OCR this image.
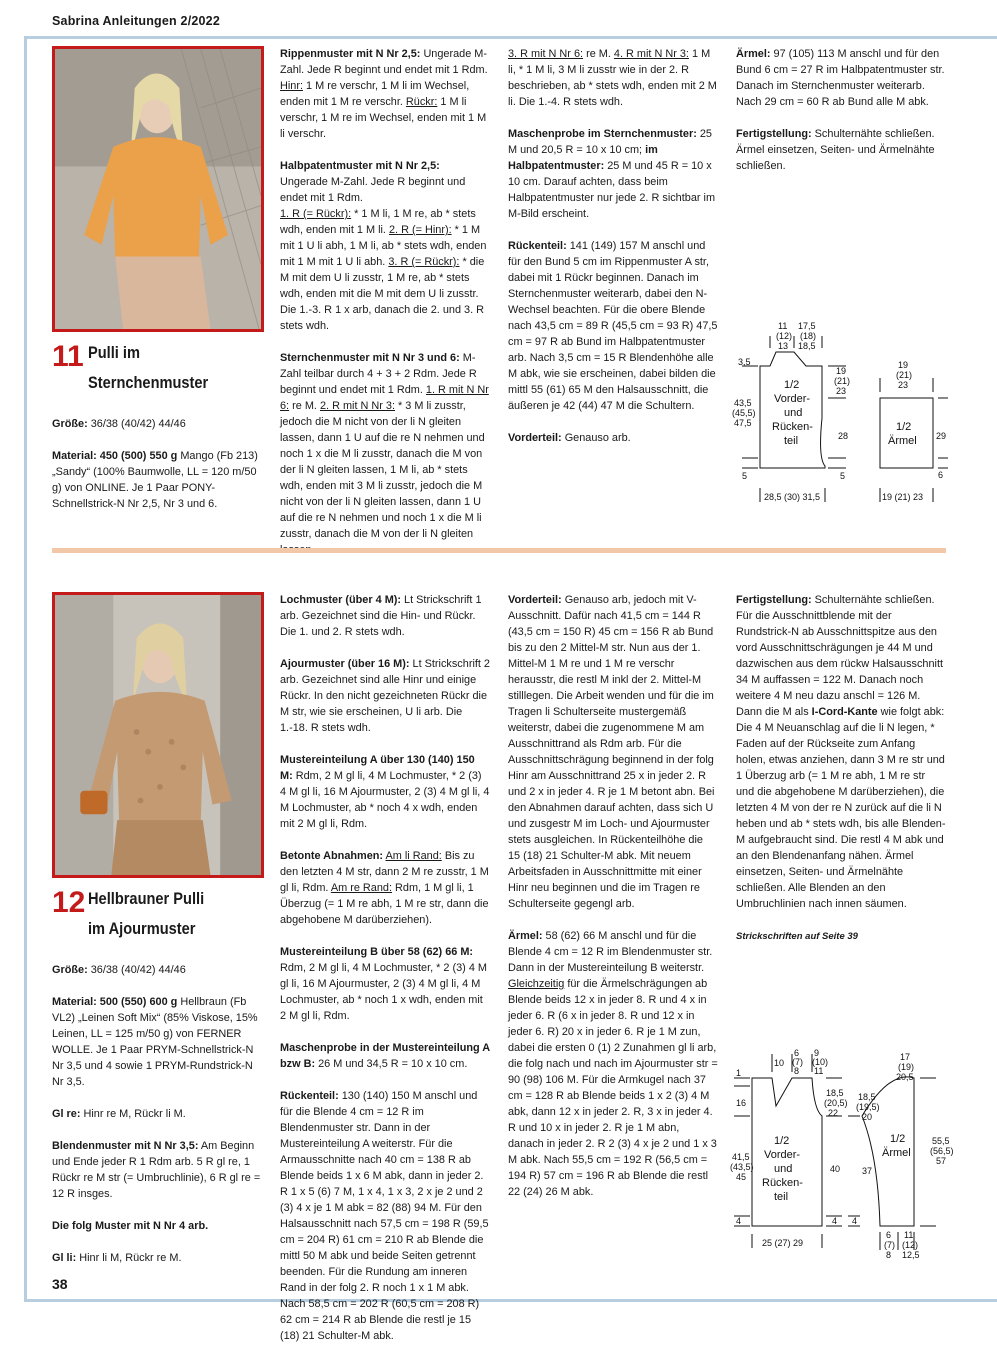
Sabrina Anleitungen 2/2022
11 Pulli im
Sternchenmuster

Größe: 36/38 (40/42) 44/46

Material: 450 (500) 550 g Mango (Fb 213) „Sandy“ (100% Baumwolle, LL = 120 m/50 g) von ONLINE. Je 1 Paar PONY-Schnellstrick-N Nr 2,5, Nr 3 und 6.

Rippenmuster mit N Nr 2,5: Ungerade M-Zahl. Jede R beginnt und endet mit 1 Rdm. Hinr: 1 M re verschr, 1 M li im Wechsel, enden mit 1 M re verschr. Rückr: 1 M li verschr, 1 M re im Wechsel, enden mit 1 M li verschr.

Halbpatentmuster mit N Nr 2,5: Ungerade M-Zahl. Jede R beginnt und endet mit 1 Rdm.
1. R (= Rückr): * 1 M li, 1 M re, ab * stets wdh, enden mit 1 M li. 2. R (= Hinr): * 1 M mit 1 U li abh, 1 M li, ab * stets wdh, enden mit 1 M mit 1 U li abh. 3. R (= Rückr): * die M mit dem U li zusstr, 1 M re, ab * stets wdh, enden mit die M mit dem U li zusstr. Die 1.-3. R 1 x arb, danach die 2. und 3. R stets wdh.

Sternchenmuster mit N Nr 3 und 6: M-Zahl teilbar durch 4 + 3 + 2 Rdm. Jede R beginnt und endet mit 1 Rdm. 1. R mit N Nr 6: re M. 2. R mit N Nr 3: * 3 M li zusstr, jedoch die M nicht von der li N gleiten lassen, dann 1 U auf die re N nehmen und noch 1 x die M li zusstr, danach die M von der li N gleiten lassen, 1 M li, ab * stets wdh, enden mit 3 M li zusstr, jedoch die M nicht von der li N gleiten lassen, dann 1 U auf die re N nehmen und noch 1 x die M li zusstr, danach die M von der li N gleiten

3. R mit N Nr 6: re M. 4. R mit N Nr 3: 1 M li, * 1 M li, 3 M li zusstr wie in der 2. R beschrieben, ab * stets wdh, enden mit 2 M li. Die 1.-4. R stets wdh.

Maschenprobe im Sternchenmuster: 25 M und 20,5 R = 10 x 10 cm; im Halbpatentmuster: 25 M und 45 R = 10 x 10 cm. Darauf achten, dass beim Halbpatentmuster nur jede 2. R sichtbar im M-Bild erscheint.

Rückenteil: 141 (149) 157 M anschl und für den Bund 5 cm im Rippenmuster A str, dabei mit 1 Rückr beginnen. Danach im Sternchenmuster weiterarb, dabei den N-Wechsel beachten. Für die obere Blende nach 43,5 cm = 89 R (45,5 cm = 93 R) 47,5 cm = 97 R ab Bund im Halbpatentmuster arb. Nach 3,5 cm = 15 R Blendenhöhe alle M abk, wie sie erscheinen, dabei bilden die mittl 55 (61) 65 M den Halsausschnitt, die äußeren je 42 (44) 47 M die Schultern.

Vorderteil: Genauso arb.

Ärmel: 97 (105) 113 M anschl und für den Bund 6 cm = 27 R im Halbpatentmuster str. Danach im Sternchenmuster weiterarb. Nach 29 cm = 60 R ab Bund alle M abk.

Fertigstellung: Schulternähte schließen. Ärmel einsetzen, Seiten- und Ärmelnähte schließen.

11
(12)
13
17,5
(18)
18,5
3,5
43,5
(45,5)
47,5
5
19
(21)
23
28
5
1/2
Vorder-
und
Rücken-
teil
28,5 (30) 31,5
19
(21)
23
29
6
1/2
Ärmel
19 (21) 23
12 Hellbrauner Pulli
im Ajourmuster

Größe: 36/38 (40/42) 44/46

Material: 500 (550) 600 g Hellbraun (Fb VL2) „Leinen Soft Mix“ (85% Viskose, 15% Leinen, LL = 125 m/50 g) von FERNER WOLLE. Je 1 Paar PRYM-Schnellstrick-N Nr 3,5 und 4 sowie 1 PRYM-Rundstrick-N Nr 3,5.

Gl re: Hinr re M, Rückr li M.

Blendenmuster mit N Nr 3,5: Am Beginn und Ende jeder R 1 Rdm arb. 5 R gl re, 1 Rückr re M str (= Umbruchlinie), 6 R gl re = 12 R insges.

Die folg Muster mit N Nr 4 arb.

Gl li: Hinr li M, Rückr re M.

Lochmuster (über 4 M): Lt Strickschrift 1 arb. Gezeichnet sind die Hin- und Rückr. Die 1. und 2. R stets wdh.

Ajourmuster (über 16 M): Lt Strickschrift 2 arb. Gezeichnet sind alle Hinr und einige Rückr. In den nicht gezeichneten Rückr die M str, wie sie erscheinen, U li arb. Die 1.-18. R stets wdh.

Mustereinteilung A über 130 (140) 150 M: Rdm, 2 M gl li, 4 M Lochmuster, * 2 (3) 4 M gl li, 16 M Ajourmuster, 2 (3) 4 M gl li, 4 M Lochmuster, ab * noch 4 x wdh, enden mit 2 M gl li, Rdm.

Betonte Abnahmen: Am li Rand: Bis zu den letzten 4 M str, dann 2 M re zusstr, 1 M gl li, Rdm. Am re Rand: Rdm, 1 M gl li, 1 Überzug (= 1 M re abh, 1 M re str, dann die abgehobene M darüberziehen).

Mustereinteilung B über 58 (62) 66 M: Rdm, 2 M gl li, 4 M Lochmuster, * 2 (3) 4 M gl li, 16 M Ajourmuster, 2 (3) 4 M gl li, 4 M Lochmuster, ab * noch 1 x wdh, enden mit 2 M gl li, Rdm.

Maschenprobe in der Mustereinteilung A bzw B: 26 M und 34,5 R = 10 x 10 cm.

Rückenteil: 130 (140) 150 M anschl und für die Blende 4 cm = 12 R im Blendenmuster str. Dann in der Mustereinteilung A weiterstr. Für die Armausschnitte nach 40 cm = 138 R ab Blende beids 1 x 6 M abk, dann in jeder 2. R 1 x 5 (6) 7 M, 1 x 4, 1 x 3, 2 x je 2 und 2 (3) 4 x je 1 M abk = 82 (88) 94 M. Für den Halsausschnitt nach 57,5 cm = 198 R (59,5 cm = 204 R) 61 cm = 210 R ab Blende die mittl 50 M abk und beide Seiten getrennt beenden. Für die Rundung am inneren Rand in der folg 2. R noch 1 x 1 M abk. Nach 58,5 cm = 202 R (60,5 cm = 208 R) 62 cm = 214 R ab Blende die restl je 15 (18) 21 Schulter-M abk.

Vorderteil: Genauso arb, jedoch mit V-Ausschnitt. Dafür nach 41,5 cm = 144 R (43,5 cm = 150 R) 45 cm = 156 R ab Bund bis zu den 2 Mittel-M str. Nun aus der 1. Mittel-M 1 M re und 1 M re verschr herausstr, die restl M inkl der 2. Mittel-M stilllegen. Die Arbeit wenden und für die im Tragen li Schulterseite mustergemäß weiterstr, dabei die zugenommene M am Ausschnittrand als Rdm arb. Für die Ausschnittschrägung beginnend in der folg Hinr am Ausschnittrand 25 x in jeder 2. R und 2 x in jeder 4. R je 1 M betont abn. Bei den Abnahmen darauf achten, dass sich U und zusgestr M im Loch- und Ajourmuster stets ausgleichen. In Rückenteilhöhe die 15 (18) 21 Schulter-M abk. Mit neuem Arbeitsfaden in Ausschnittmitte mit einer Hinr neu beginnen und die im Tragen re Schulterseite gegengl arb.

Ärmel: 58 (62) 66 M anschl und für die Blende 4 cm = 12 R im Blendenmuster str. Dann in der Mustereinteilung B weiterstr. Gleichzeitig für die Ärmelschrägungen ab Blende beids 12 x in jeder 8. R und 4 x in jeder 6. R (6 x in jeder 8. R und 12 x in jeder 6. R) 20 x in jeder 6. R je 1 M zun, dabei die ersten 0 (1) 2 Zunahmen gl li arb, die folg nach und nach im Ajourmuster str = 90 (98) 106 M. Für die Armkugel nach 37 cm = 128 R ab Blende beids 1 x 2 (3) 4 M abk, dann 12 x in jeder 2. R, 3 x in jeder 4. R und 10 x in jeder 2. R je 1 M abn, danach in jeder 2. R 2 (3) 4 x je 2 und 1 x 3 M abk. Nach 55,5 cm = 192 R (56,5 cm = 194 R) 57 cm = 196 R ab Blende die restl 22 (24) 26 M abk.

Fertigstellung: Schulternähte schließen. Für die Ausschnittblende mit der Rundstrick-N ab Ausschnittspitze aus den vord Ausschnittschrägungen je 44 M und dazwischen aus dem rückw Halsausschnitt 34 M auffassen = 122 M. Danach noch weitere 4 M neu dazu anschl = 126 M. Dann die M als I-Cord-Kante wie folgt abk: Die 4 M Neuanschlag auf die li N legen, * Faden auf der Rückseite zum Anfang holen, etwas anziehen, dann 3 M re str und 1 Überzug arb (= 1 M re abh, 1 M re str und die abgehobene M darüberziehen), die letzten 4 M von der re N zurück auf die li N heben und ab * stets wdh, bis alle Blenden-M aufgebraucht sind. Die restl 4 M abk und an den Blendenanfang nähen. Ärmel einsetzen, Seiten- und Ärmelnähte schließen. Alle Blenden an den Umbruchlinien nach innen säumen.

Strickschriften auf Seite 39

10
6
(7)
8
9
(10)
11
1
16
41,5
(43,5)
45
4
18,5
(20,5)
22
40
4
1/2
Vorder-
und
Rücken-
teil
25 (27) 29
17
(19)
20,5
18,5
(19,5)
20
37
4
55,5
(56,5)
57
1/2
Ärmel
6
(7)
8
11
(12)
12,5
38
